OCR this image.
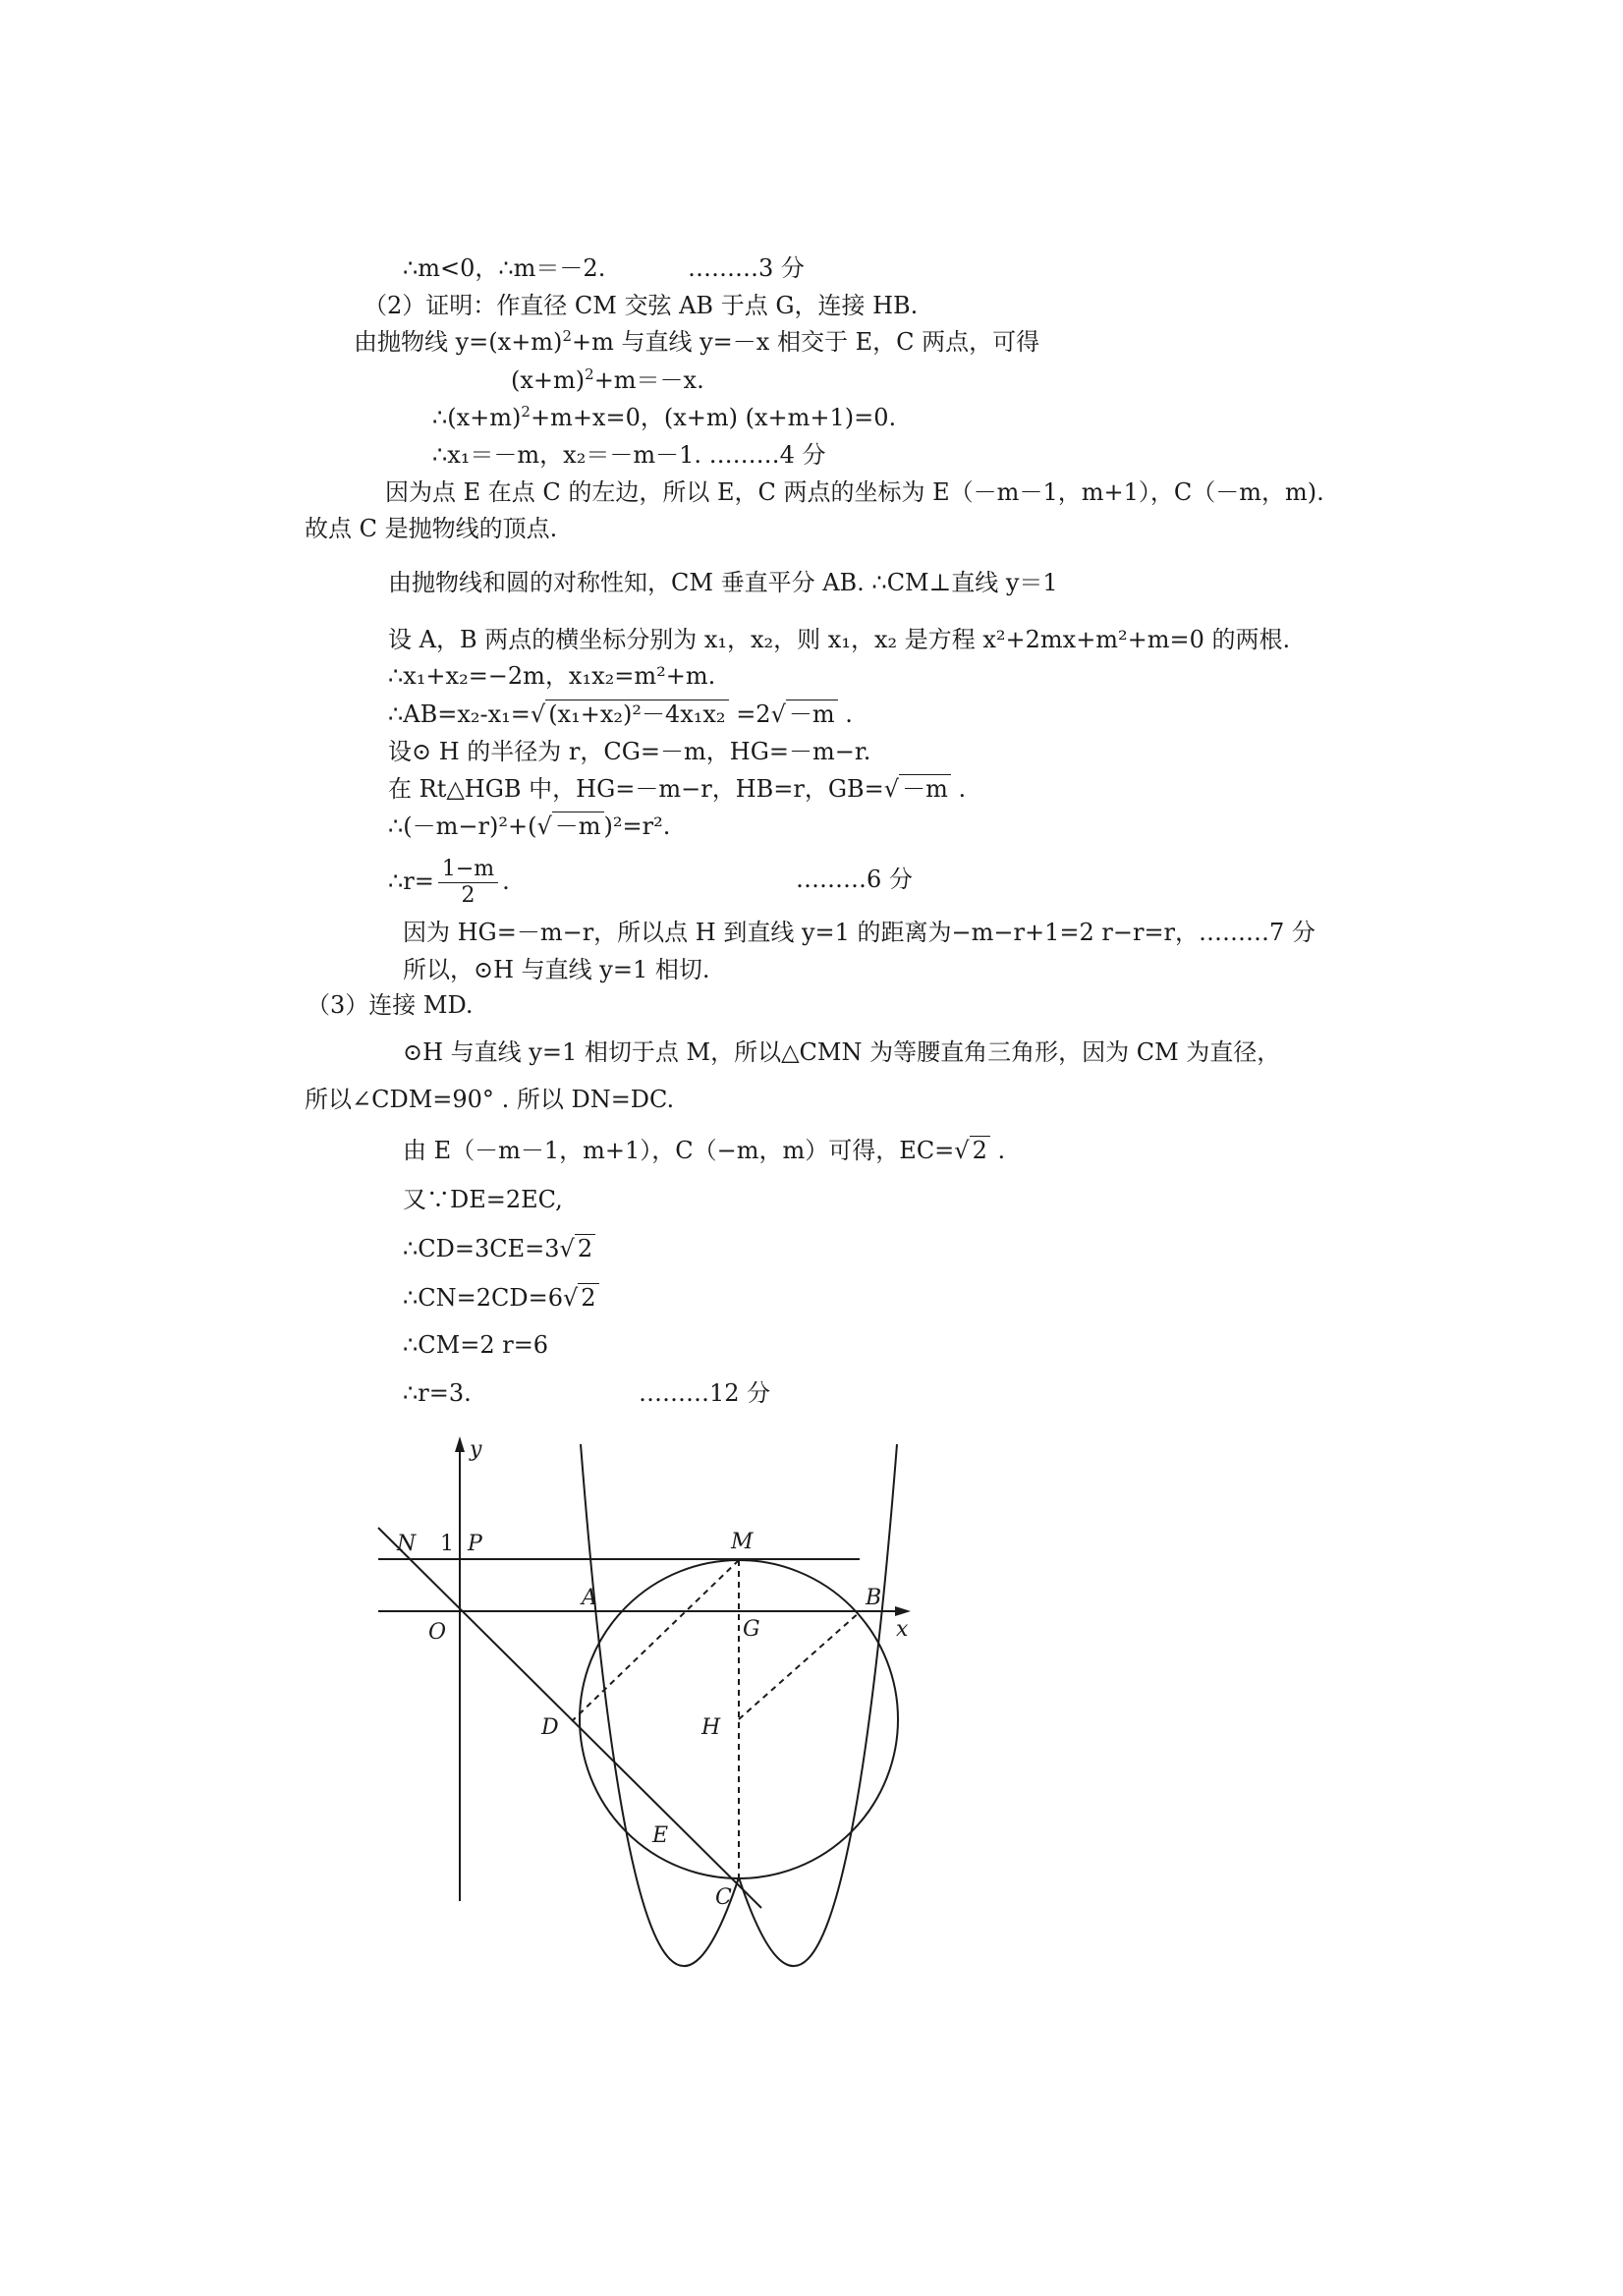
∴m<0，∴m＝－2.	………3 分
（2）证明：作直径 CM 交弦 AB 于点 G，连接 HB.
由抛物线 $y=(x+m)^2+m$ 与直线 y=－x 相交于 E，C 两点，可得
$(x+m)^2+m=-x$.
$\therefore(x+m)^2+m+x=0$，(x+m) (x+m+1)=0.
∴x₁＝－m，x₂＝－m－1. ………4 分
因为点 E 在点 C 的左边，所以 E，C 两点的坐标为 E（－m－1，m+1），C（－m，m).
故点 C 是抛物线的顶点.
由抛物线和圆的对称性知，CM 垂直平分 AB. ∴CM⊥直线 y＝1
设 A，B 两点的横坐标分别为 x₁，x₂，则 x₁，x₂ 是方程 x²+2mx+m²+m=0 的两根.
∴x₁+x₂=−2m，x₁x₂=m²+m.
∴AB=x₂-x₁=√ (x₁+x₂)²－4x₁x₂ =2√ －m .
设⊙ H 的半径为 r，CG=－m，HG=－m−r.
在 Rt△HGB 中，HG=－m−r，HB=r，GB=√ －m .
∴(－m−r)²+(√ －m )²=r².
∴r= $\frac{1-m}{2}$ .	………6 分
因为 HG=－m−r，所以点 H 到直线 y=1 的距离为−m−r+1=2 r−r=r，………7 分
所以，⊙H 与直线 y=1 相切.
（3）连接 MD.
⊙H 与直线 y=1 相切于点 M，所以△CMN 为等腰直角三角形，因为 CM 为直径，
所以∠CDM=90° . 所以 DN=DC.
由 E（－m－1，m+1），C（−m，m）可得，EC=√ 2 .
又∵DE=2EC,
∴CD=3CE=3√ 2
∴CN=2CD=6√ 2
∴CM=2 r=6
∴r=3.	………12 分
y
x
N 1 P	M
A	B
O	G
D	H
E
C
